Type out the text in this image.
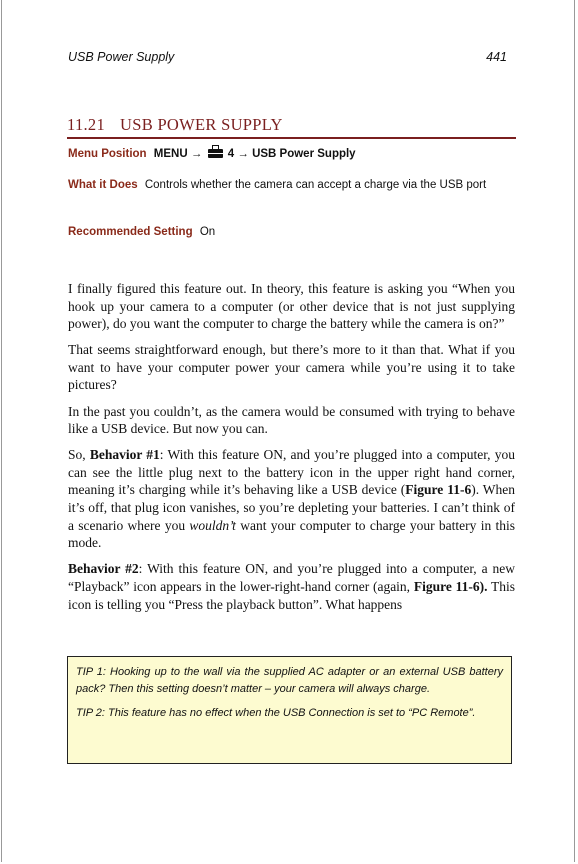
USB Power Supply	441
11.21 USB POWER SUPPLY
Menu Position MENU → 4 → USB Power Supply
What it Does Controls whether the camera can accept a charge via the USB port
Recommended Setting On

I finally figured this feature out. In theory, this feature is asking you “When you hook up your camera to a computer (or other device that is not just supplying power), do you want the computer to charge the battery while the camera is on?”

That seems straightforward enough, but there’s more to it than that. What if you want to have your computer power your camera while you’re using it to take pictures?

In the past you couldn’t, as the camera would be consumed with trying to behave like a USB device. But now you can.

So, Behavior #1: With this feature ON, and you’re plugged into a computer, you can see the little plug next to the battery icon in the upper right hand corner, meaning it’s charging while it’s behaving like a USB device (Figure 11-6). When it’s off, that plug icon vanishes, so you’re depleting your batteries. I can’t think of a scenario where you wouldn’t want your computer to charge your battery in this mode.

Behavior #2: With this feature ON, and you’re plugged into a computer, a new “Playback” icon appears in the lower-right-hand corner (again, Figure 11-6). This icon is telling you “Press the playback button”. What happens

TIP 1: Hooking up to the wall via the supplied AC adapter or an external USB battery pack? Then this setting doesn’t matter – your camera will always charge.

TIP 2: This feature has no effect when the USB Connection is set to “PC Remote”.
